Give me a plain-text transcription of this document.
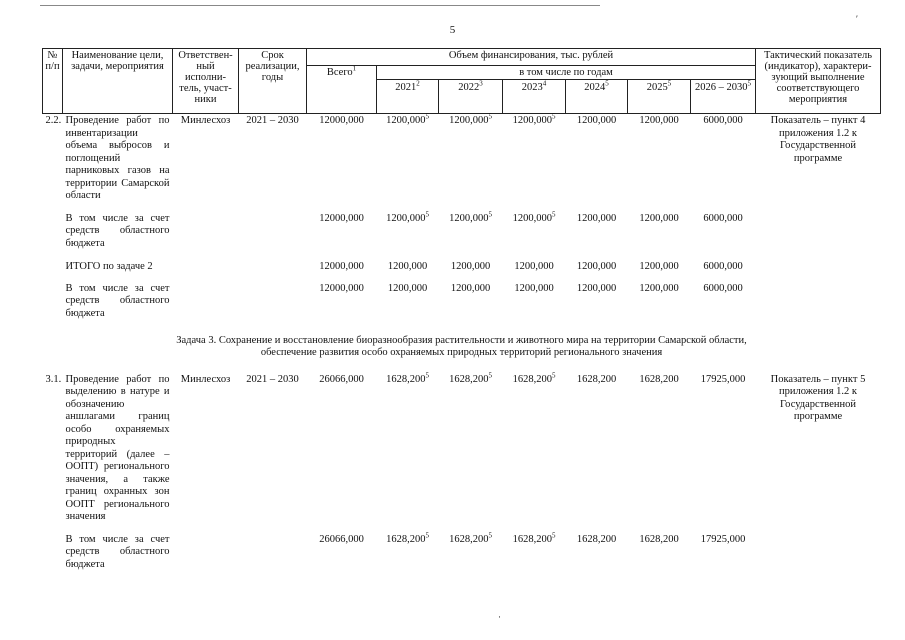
5
′
·
№ п/п	Наименование цели, задачи, мероприятия	Ответствен-ный исполни-тель, участ-ники	Срок реализации, годы	Объем финансирования, тыс. рублей							Тактический показатель (индикатор), характери-зующий выполнение соответствующего мероприятия
				Всего$^1$	в том числе по годам						
					2021$^2$	2022$^3$	2023$^4$	2024$^5$	2025$^5$	2026 – 2030$^5$
2.2.	Проведение работ по инвентаризации объема выбросов и поглощений парниковых газов на территории Самарской области	Минлесхоз	2021 – 2030	12000,000	1200,000$^5$	1200,000$^5$	1200,000$^5$	1200,000	1200,000	6000,000	Показатель – пункт 4 приложения 1.2 к Государственной программе

	В том числе за счет средств областного бюджета			12000,000	1200,000$^5$	1200,000$^5$	1200,000$^5$	1200,000	1200,000	6000,000	

	ИТОГО по задаче 2			12000,000	1200,000	1200,000	1200,000	1200,000	1200,000	6000,000	

	В том числе за счет средств областного бюджета			12000,000	1200,000	1200,000	1200,000	1200,000	1200,000	6000,000	

Задача 3. Сохранение и восстановление биоразнообразия растительности и животного мира на территории Самарской области,
обеспечение развития особо охраняемых природных территорий регионального значения											

3.1.	Проведение работ по выделению в натуре и обозначению аншлагами границ особо охраняемых природных территорий (далее – ООПТ) регионального значения, а также границ охранных зон ООПТ регионального значения	Минлесхоз	2021 – 2030	26066,000	1628,200$^5$	1628,200$^5$	1628,200$^5$	1628,200	1628,200	17925,000	Показатель – пункт 5 приложения 1.2 к Государственной программе

	В том числе за счет средств областного бюджета			26066,000	1628,200$^5$	1628,200$^5$	1628,200$^5$	1628,200	1628,200	17925,000	
